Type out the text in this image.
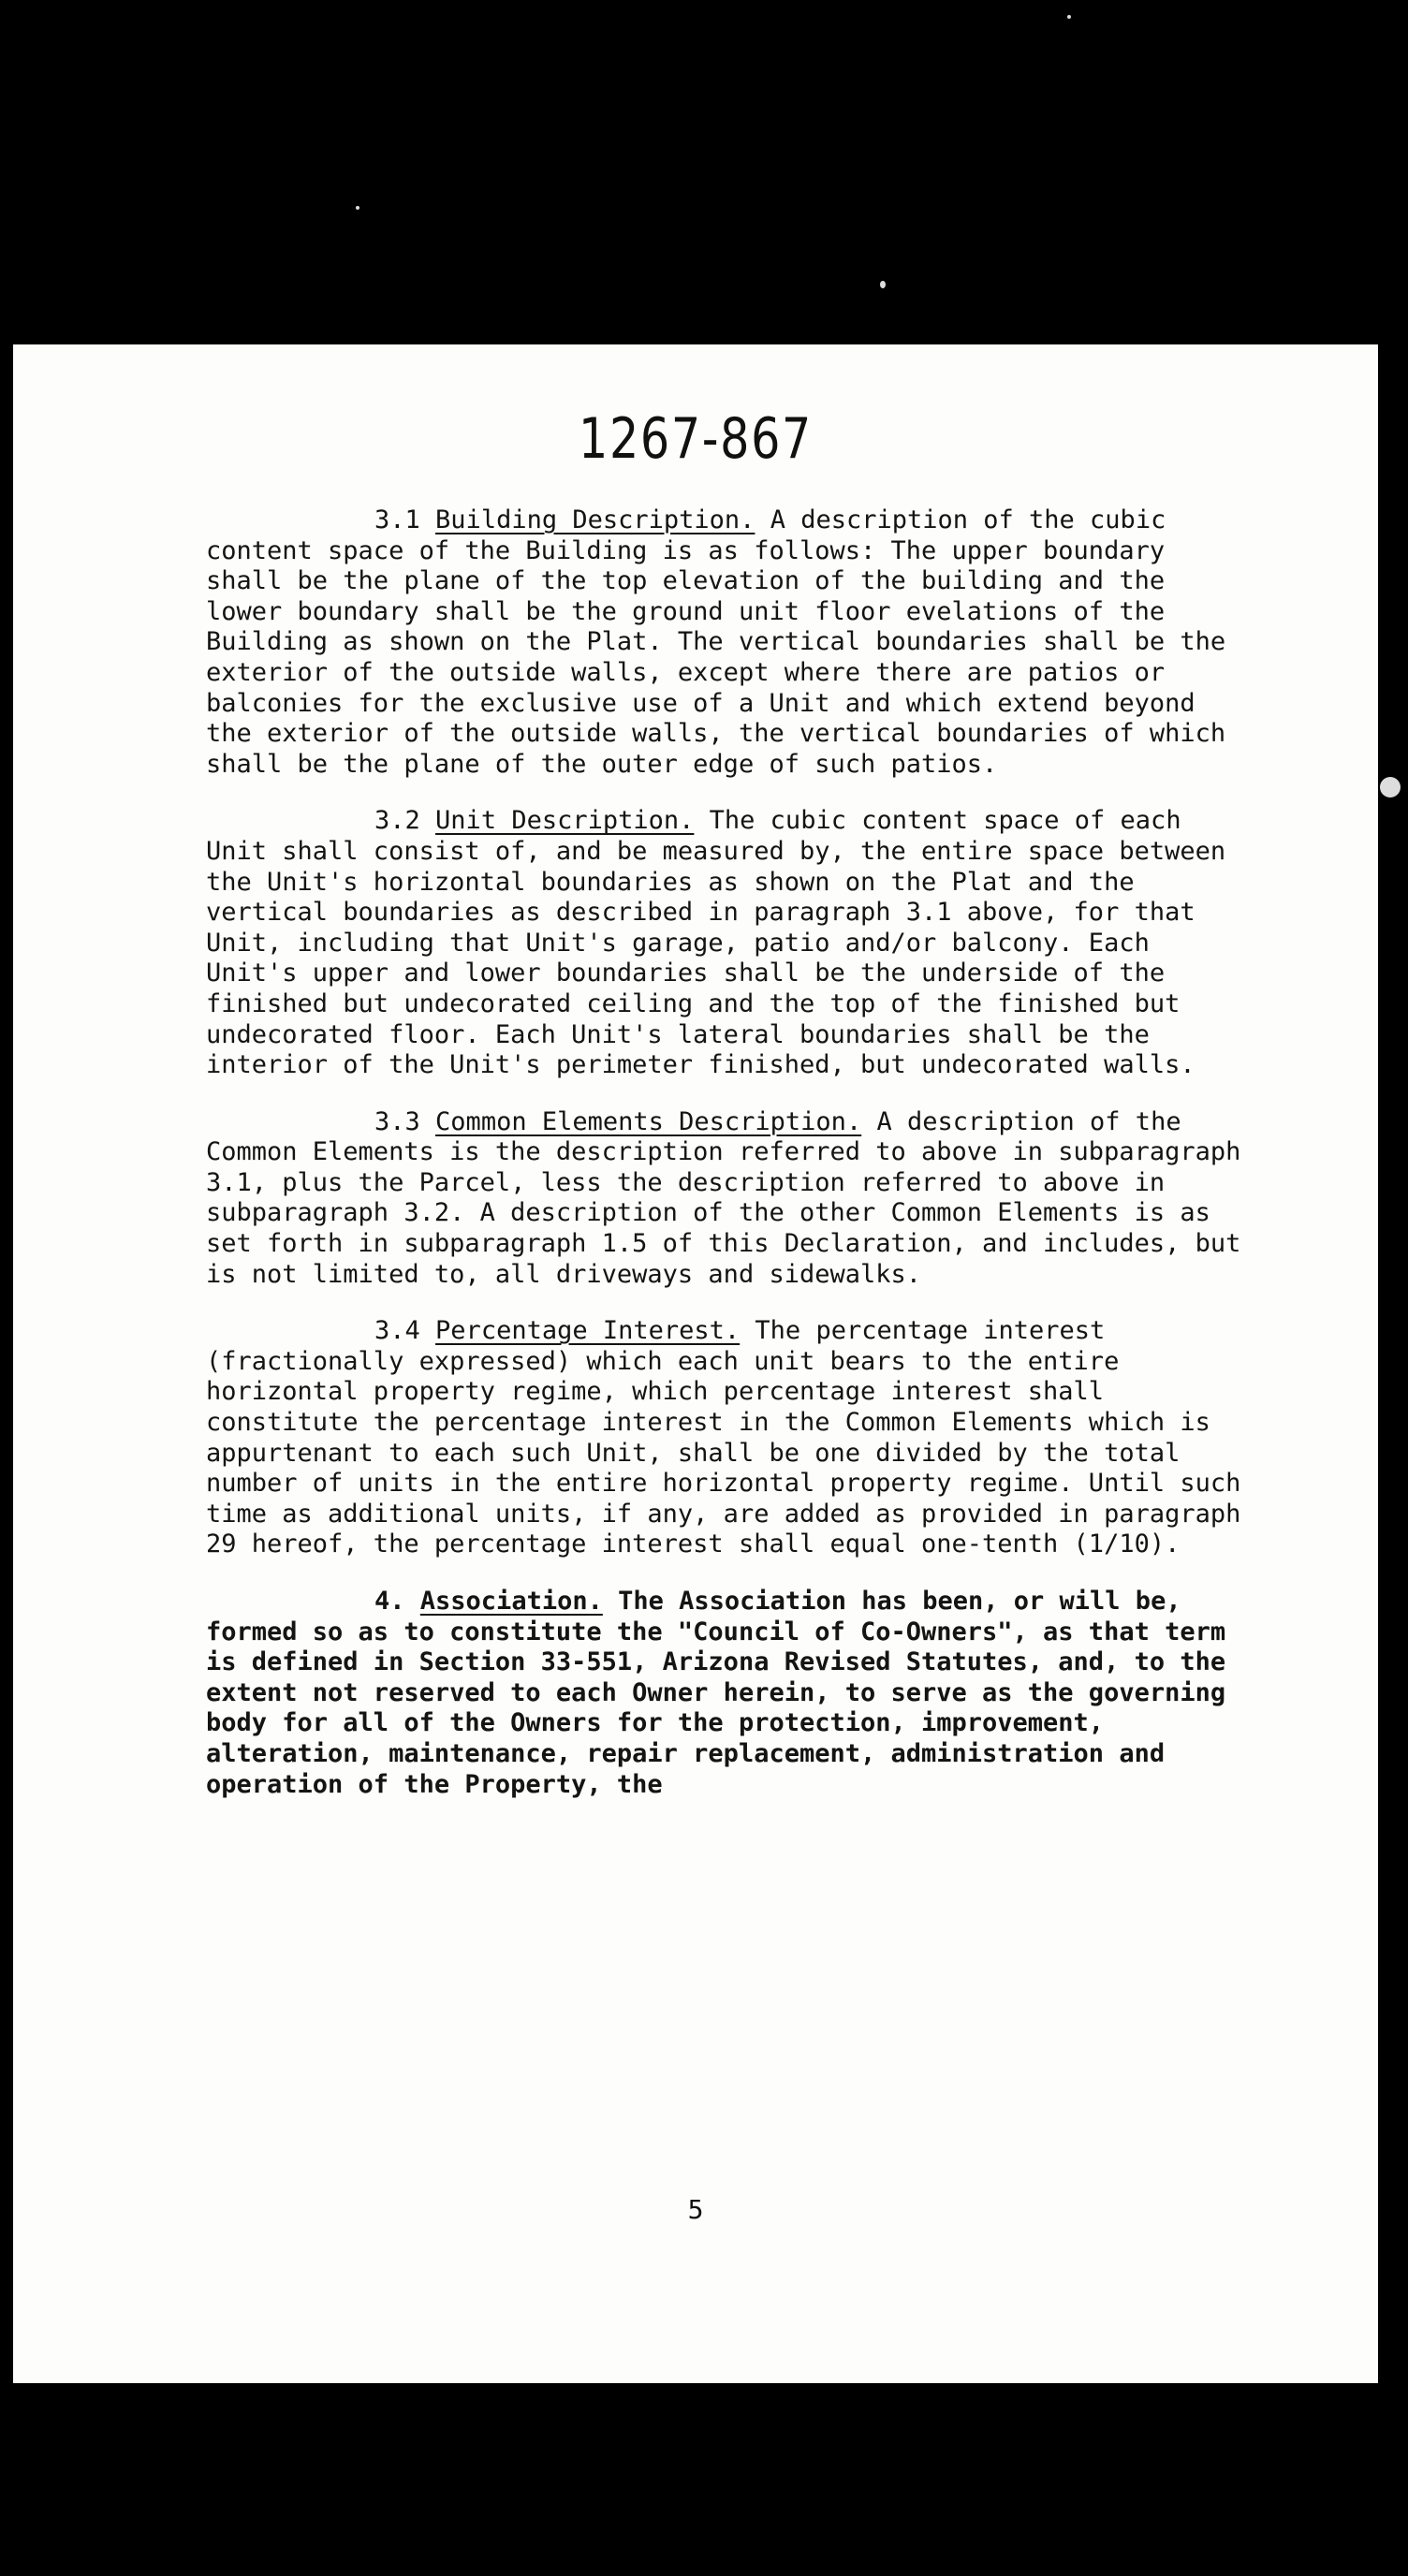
1267-867

3.1 Building Description. A description of the cubic content space of the Building is as follows: The upper boundary shall be the plane of the top elevation of the building and the lower boundary shall be the ground unit floor evelations of the Building as shown on the Plat. The vertical boundaries shall be the exterior of the outside walls, except where there are patios or balconies for the exclusive use of a Unit and which extend beyond the exterior of the outside walls, the vertical boundaries of which shall be the plane of the outer edge of such patios.

3.2 Unit Description. The cubic content space of each Unit shall consist of, and be measured by, the entire space between the Unit's horizontal boundaries as shown on the Plat and the vertical boundaries as described in paragraph 3.1 above, for that Unit, including that Unit's garage, patio and/or balcony. Each Unit's upper and lower boundaries shall be the underside of the finished but undecorated ceiling and the top of the finished but undecorated floor. Each Unit's lateral boundaries shall be the interior of the Unit's perimeter finished, but undecorated walls.

3.3 Common Elements Description. A description of the Common Elements is the description referred to above in subparagraph 3.1, plus the Parcel, less the description referred to above in subparagraph 3.2. A description of the other Common Elements is as set forth in subparagraph 1.5 of this Declaration, and includes, but is not limited to, all driveways and sidewalks.

3.4 Percentage Interest. The percentage interest (fractionally expressed) which each unit bears to the entire horizontal property regime, which percentage interest shall constitute the percentage interest in the Common Elements which is appurtenant to each such Unit, shall be one divided by the total number of units in the entire horizontal property regime. Until such time as additional units, if any, are added as provided in paragraph 29 hereof, the percentage interest shall equal one-tenth (1/10).

4. Association. The Association has been, or will be, formed so as to constitute the "Council of Co-Owners", as that term is defined in Section 33-551, Arizona Revised Statutes, and, to the extent not reserved to each Owner herein, to serve as the governing body for all of the Owners for the protection, improvement, alteration, maintenance, repair replacement, administration and operation of the Property, the

5
